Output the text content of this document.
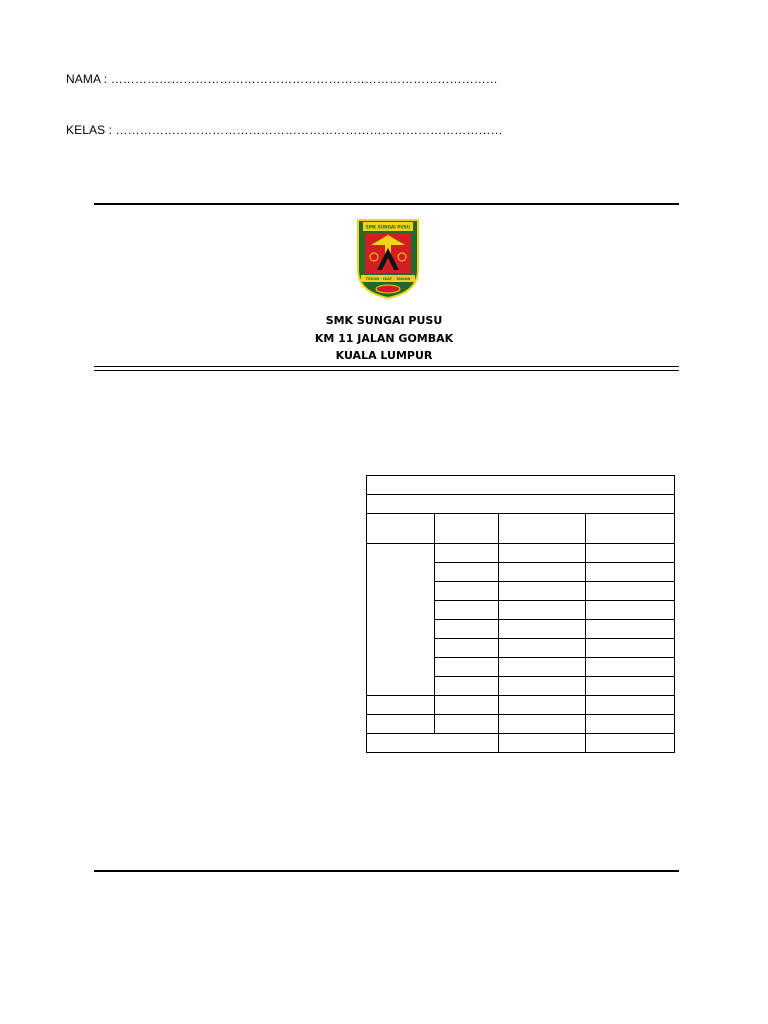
NAMA : ……………………………………………………………………………………
KELAS : ……………………………………………………………………………………
SMK SUNGAI PUSU
TEKUN · IKAT · TAWAN
SMK SUNGAI PUSU
KM 11 JALAN GOMBAK
KUALA LUMPUR
